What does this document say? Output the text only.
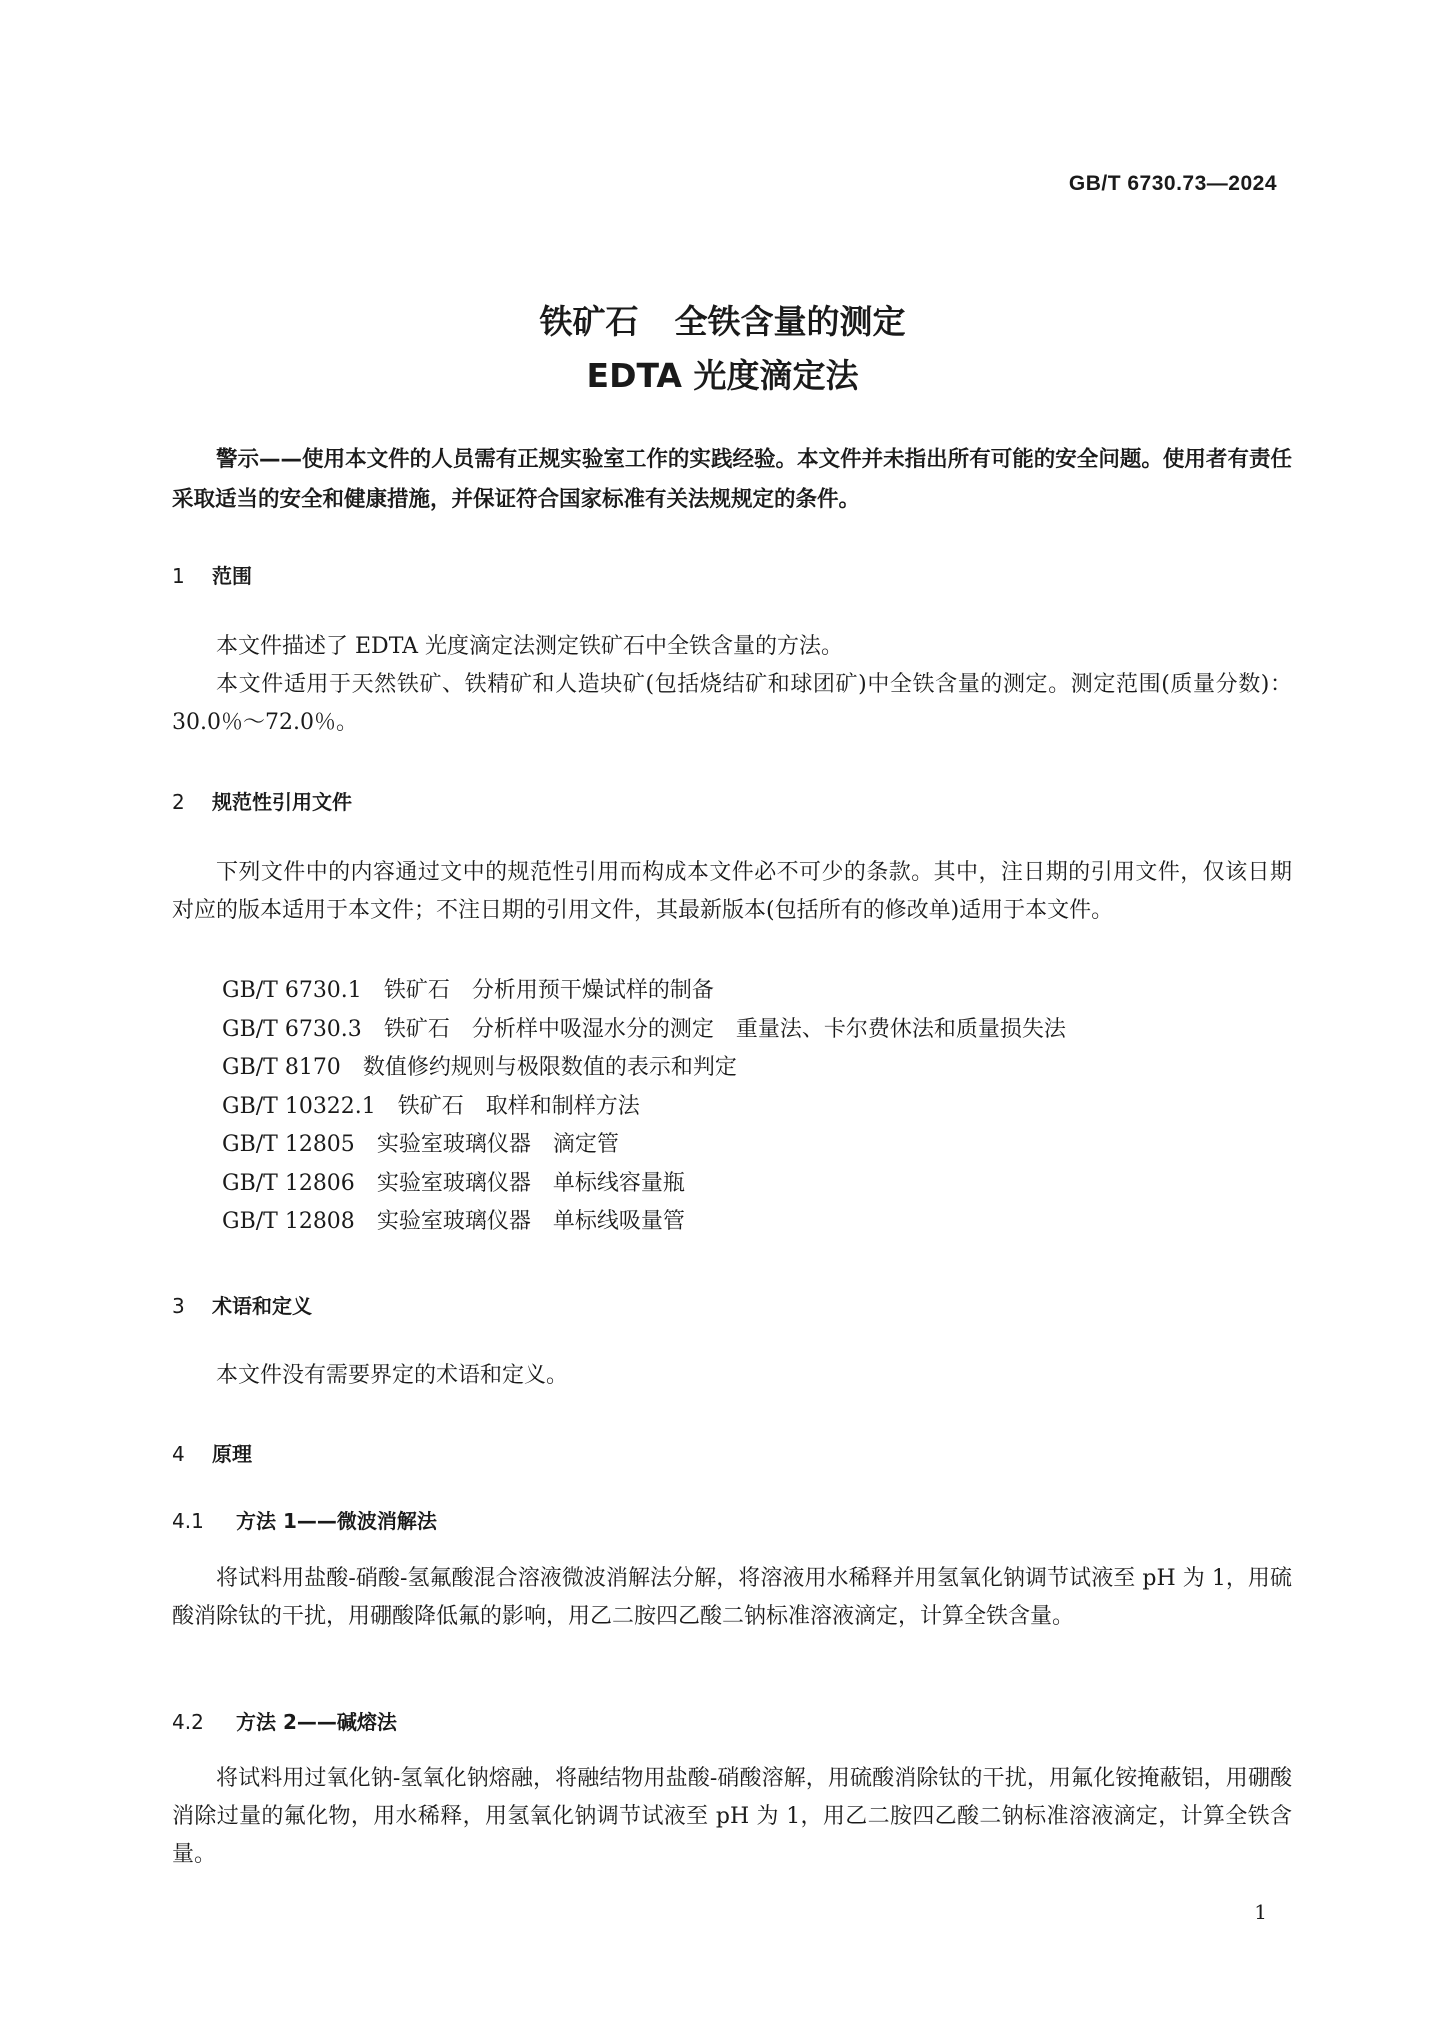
GB/T 6730.73—2024
铁矿石 全铁含量的测定
EDTA 光度滴定法
警示——使用本文件的人员需有正规实验室工作的实践经验。本文件并未指出所有可能的安全问题。使用者有责任采取适当的安全和健康措施，并保证符合国家标准有关法规规定的条件。
1 范围
本文件描述了 EDTA 光度滴定法测定铁矿石中全铁含量的方法。
本文件适用于天然铁矿、铁精矿和人造块矿(包括烧结矿和球团矿)中全铁含量的测定。测定范围(质量分数)：30.0％～72.0％。
2 规范性引用文件
下列文件中的内容通过文中的规范性引用而构成本文件必不可少的条款。其中，注日期的引用文件，仅该日期对应的版本适用于本文件；不注日期的引用文件，其最新版本(包括所有的修改单)适用于本文件。
GB/T 6730.1 铁矿石　分析用预干燥试样的制备
GB/T 6730.3 铁矿石　分析样中吸湿水分的测定　重量法、卡尔费休法和质量损失法
GB/T 8170 数值修约规则与极限数值的表示和判定
GB/T 10322.1 铁矿石　取样和制样方法
GB/T 12805 实验室玻璃仪器　滴定管
GB/T 12806 实验室玻璃仪器　单标线容量瓶
GB/T 12808 实验室玻璃仪器　单标线吸量管
3 术语和定义
本文件没有需要界定的术语和定义。
4 原理
4.1 方法 1——微波消解法
将试料用盐酸-硝酸-氢氟酸混合溶液微波消解法分解，将溶液用水稀释并用氢氧化钠调节试液至 pH 为 1，用硫酸消除钛的干扰，用硼酸降低氟的影响，用乙二胺四乙酸二钠标准溶液滴定，计算全铁含量。
4.2 方法 2——碱熔法
将试料用过氧化钠-氢氧化钠熔融，将融结物用盐酸-硝酸溶解，用硫酸消除钛的干扰，用氟化铵掩蔽铝，用硼酸消除过量的氟化物，用水稀释，用氢氧化钠调节试液至 pH 为 1，用乙二胺四乙酸二钠标准溶液滴定，计算全铁含量。
1
